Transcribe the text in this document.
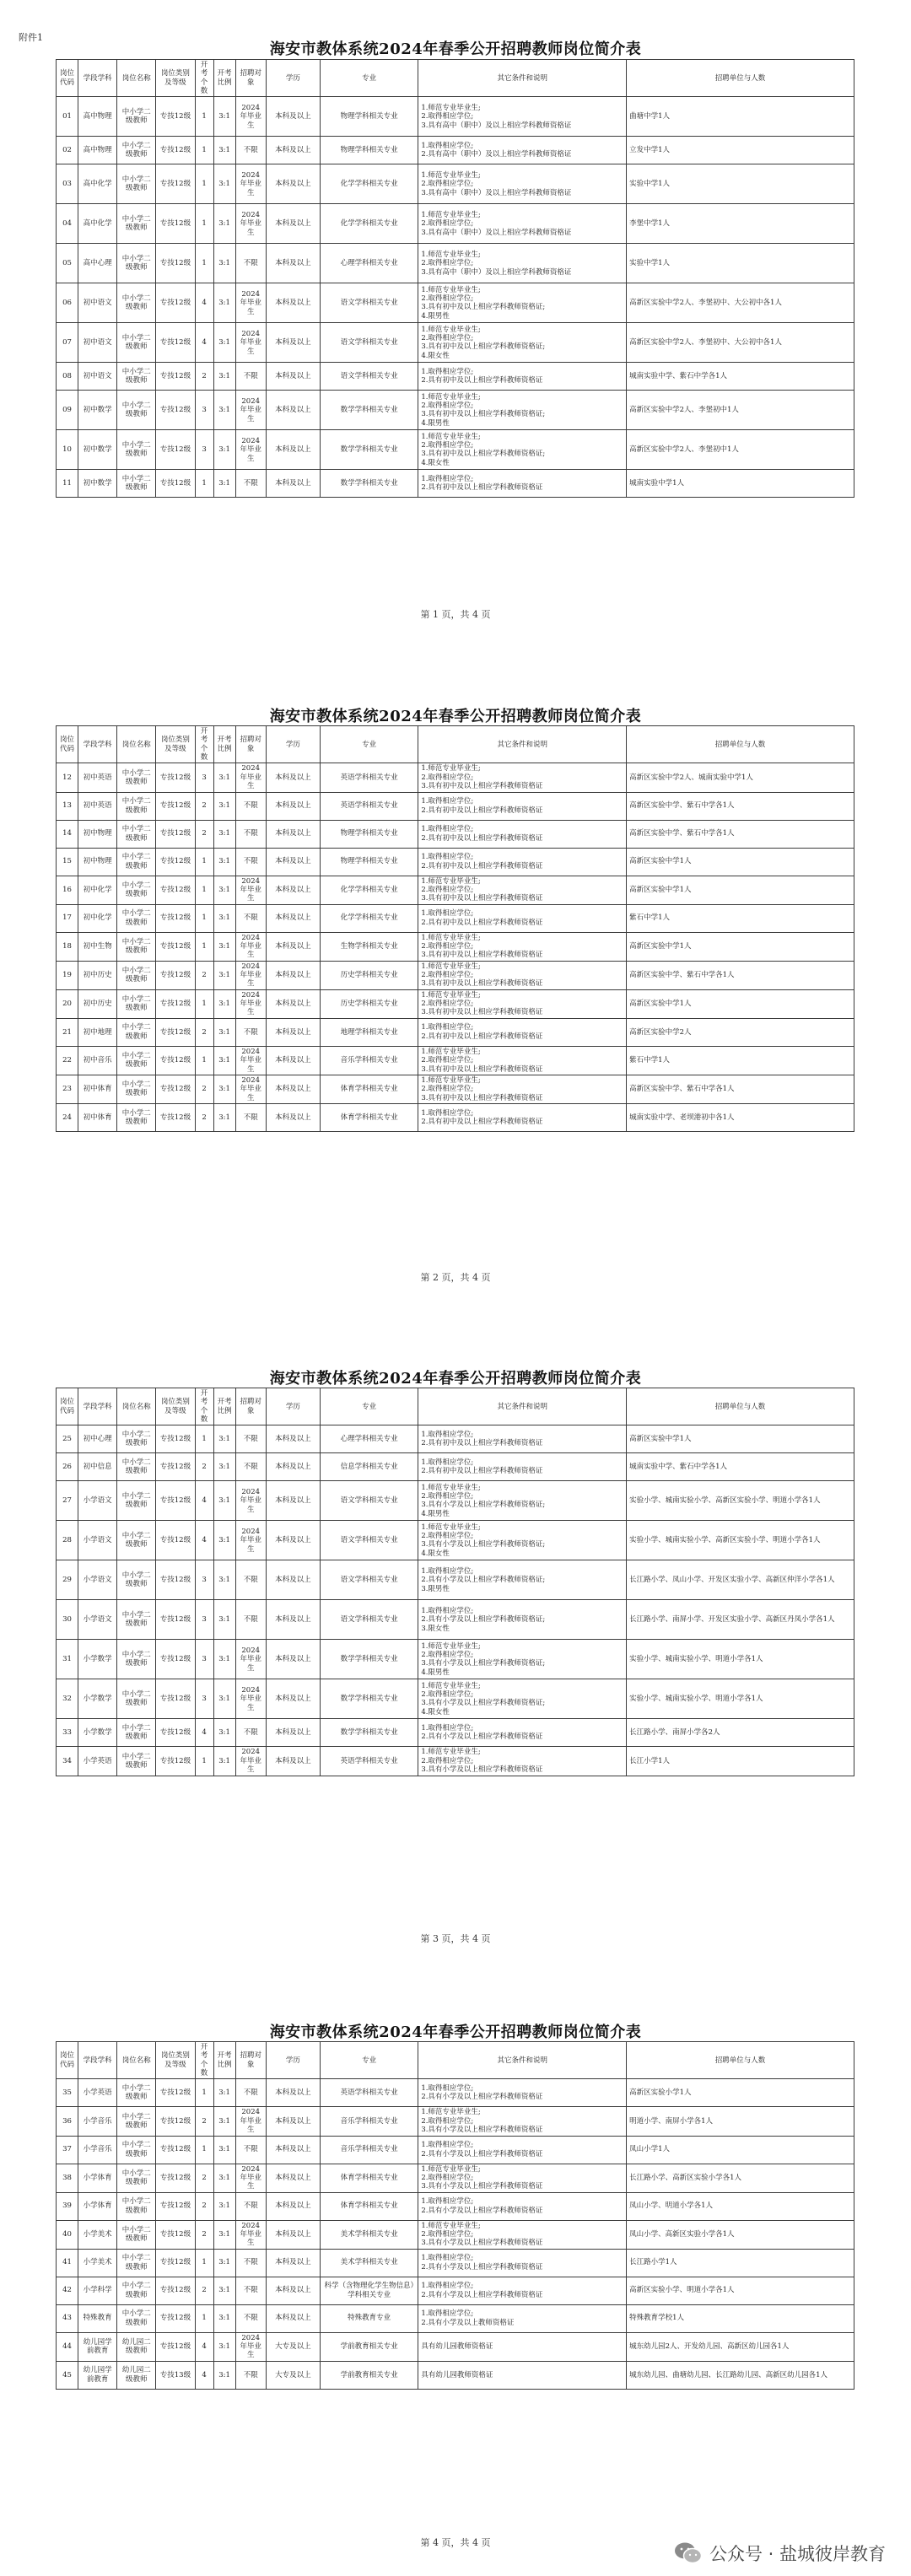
附件1
海安市教体系统2024年春季公开招聘教师岗位简介表
岗位代码	学段学科	岗位名称	岗位类别及等级	开考个数	开考比例	招聘对象	学历	专业	其它条件和说明	招聘单位与人数
01	高中物理	中小学二级教师	专技12级	1	3:1	2024年毕业生	本科及以上	物理学科相关专业	1.师范专业毕业生;
2.取得相应学位;
3.具有高中（职中）及以上相应学科教师资格证	曲塘中学1人
02	高中物理	中小学二级教师	专技12级	1	3:1	不限	本科及以上	物理学科相关专业	1.取得相应学位;
2.具有高中（职中）及以上相应学科教师资格证	立发中学1人
03	高中化学	中小学二级教师	专技12级	1	3:1	2024年毕业生	本科及以上	化学学科相关专业	1.师范专业毕业生;
2.取得相应学位;
3.具有高中（职中）及以上相应学科教师资格证	实验中学1人
04	高中化学	中小学二级教师	专技12级	1	3:1	2024年毕业生	本科及以上	化学学科相关专业	1.师范专业毕业生;
2.取得相应学位;
3.具有高中（职中）及以上相应学科教师资格证	李堡中学1人
05	高中心理	中小学二级教师	专技12级	1	3:1	不限	本科及以上	心理学科相关专业	1.师范专业毕业生;
2.取得相应学位;
3.具有高中（职中）及以上相应学科教师资格证	实验中学1人
06	初中语文	中小学二级教师	专技12级	4	3:1	2024年毕业生	本科及以上	语文学科相关专业	1.师范专业毕业生;
2.取得相应学位;
3.具有初中及以上相应学科教师资格证;
4.限男性	高新区实验中学2人、李堡初中、大公初中各1人
07	初中语文	中小学二级教师	专技12级	4	3:1	2024年毕业生	本科及以上	语文学科相关专业	1.师范专业毕业生;
2.取得相应学位;
3.具有初中及以上相应学科教师资格证;
4.限女性	高新区实验中学2人、李堡初中、大公初中各1人
08	初中语文	中小学二级教师	专技12级	2	3:1	不限	本科及以上	语文学科相关专业	1.取得相应学位;
2.具有初中及以上相应学科教师资格证	城南实验中学、紫石中学各1人
09	初中数学	中小学二级教师	专技12级	3	3:1	2024年毕业生	本科及以上	数学学科相关专业	1.师范专业毕业生;
2.取得相应学位;
3.具有初中及以上相应学科教师资格证;
4.限男性	高新区实验中学2人、李堡初中1人
10	初中数学	中小学二级教师	专技12级	3	3:1	2024年毕业生	本科及以上	数学学科相关专业	1.师范专业毕业生;
2.取得相应学位;
3.具有初中及以上相应学科教师资格证;
4.限女性	高新区实验中学2人、李堡初中1人
11	初中数学	中小学二级教师	专技12级	1	3:1	不限	本科及以上	数学学科相关专业	1.取得相应学位;
2.具有初中及以上相应学科教师资格证	城南实验中学1人
第 1 页，共 4 页
海安市教体系统2024年春季公开招聘教师岗位简介表
岗位代码	学段学科	岗位名称	岗位类别及等级	开考个数	开考比例	招聘对象	学历	专业	其它条件和说明	招聘单位与人数
12	初中英语	中小学二级教师	专技12级	3	3:1	2024年毕业生	本科及以上	英语学科相关专业	1.师范专业毕业生;
2.取得相应学位;
3.具有初中及以上相应学科教师资格证	高新区实验中学2人、城南实验中学1人
13	初中英语	中小学二级教师	专技12级	2	3:1	不限	本科及以上	英语学科相关专业	1.取得相应学位;
2.具有初中及以上相应学科教师资格证	高新区实验中学、紫石中学各1人
14	初中物理	中小学二级教师	专技12级	2	3:1	不限	本科及以上	物理学科相关专业	1.取得相应学位;
2.具有初中及以上相应学科教师资格证	高新区实验中学、紫石中学各1人
15	初中物理	中小学二级教师	专技12级	1	3:1	不限	本科及以上	物理学科相关专业	1.取得相应学位;
2.具有初中及以上相应学科教师资格证	高新区实验中学1人
16	初中化学	中小学二级教师	专技12级	1	3:1	2024年毕业生	本科及以上	化学学科相关专业	1.师范专业毕业生;
2.取得相应学位;
3.具有初中及以上相应学科教师资格证	高新区实验中学1人
17	初中化学	中小学二级教师	专技12级	1	3:1	不限	本科及以上	化学学科相关专业	1.取得相应学位;
2.具有初中及以上相应学科教师资格证	紫石中学1人
18	初中生物	中小学二级教师	专技12级	1	3:1	2024年毕业生	本科及以上	生物学科相关专业	1.师范专业毕业生;
2.取得相应学位;
3.具有初中及以上相应学科教师资格证	高新区实验中学1人
19	初中历史	中小学二级教师	专技12级	2	3:1	2024年毕业生	本科及以上	历史学科相关专业	1.师范专业毕业生;
2.取得相应学位;
3.具有初中及以上相应学科教师资格证	高新区实验中学、紫石中学各1人
20	初中历史	中小学二级教师	专技12级	1	3:1	2024年毕业生	本科及以上	历史学科相关专业	1.师范专业毕业生;
2.取得相应学位;
3.具有初中及以上相应学科教师资格证	高新区实验中学1人
21	初中地理	中小学二级教师	专技12级	2	3:1	不限	本科及以上	地理学科相关专业	1.取得相应学位;
2.具有初中及以上相应学科教师资格证	高新区实验中学2人
22	初中音乐	中小学二级教师	专技12级	1	3:1	2024年毕业生	本科及以上	音乐学科相关专业	1.师范专业毕业生;
2.取得相应学位;
3.具有初中及以上相应学科教师资格证	紫石中学1人
23	初中体育	中小学二级教师	专技12级	2	3:1	2024年毕业生	本科及以上	体育学科相关专业	1.师范专业毕业生;
2.取得相应学位;
3.具有初中及以上相应学科教师资格证	高新区实验中学、紫石中学各1人
24	初中体育	中小学二级教师	专技12级	2	3:1	不限	本科及以上	体育学科相关专业	1.取得相应学位;
2.具有初中及以上相应学科教师资格证	城南实验中学、老坝港初中各1人
第 2 页，共 4 页
海安市教体系统2024年春季公开招聘教师岗位简介表
岗位代码	学段学科	岗位名称	岗位类别及等级	开考个数	开考比例	招聘对象	学历	专业	其它条件和说明	招聘单位与人数
25	初中心理	中小学二级教师	专技12级	1	3:1	不限	本科及以上	心理学科相关专业	1.取得相应学位;
2.具有初中及以上相应学科教师资格证	高新区实验中学1人
26	初中信息	中小学二级教师	专技12级	2	3:1	不限	本科及以上	信息学科相关专业	1.取得相应学位;
2.具有初中及以上相应学科教师资格证	城南实验中学、紫石中学各1人
27	小学语文	中小学二级教师	专技12级	4	3:1	2024年毕业生	本科及以上	语文学科相关专业	1.师范专业毕业生;
2.取得相应学位;
3.具有小学及以上相应学科教师资格证;
4.限男性	实验小学、城南实验小学、高新区实验小学、明道小学各1人
28	小学语文	中小学二级教师	专技12级	4	3:1	2024年毕业生	本科及以上	语文学科相关专业	1.师范专业毕业生;
2.取得相应学位;
3.具有小学及以上相应学科教师资格证;
4.限女性	实验小学、城南实验小学、高新区实验小学、明道小学各1人
29	小学语文	中小学二级教师	专技12级	3	3:1	不限	本科及以上	语文学科相关专业	1.取得相应学位;
2.具有小学及以上相应学科教师资格证;
3.限男性	长江路小学、凤山小学、开发区实验小学、高新区仲洋小学各1人
30	小学语文	中小学二级教师	专技12级	3	3:1	不限	本科及以上	语文学科相关专业	1.取得相应学位;
2.具有小学及以上相应学科教师资格证;
3.限女性	长江路小学、南屏小学、开发区实验小学、高新区丹凤小学各1人
31	小学数学	中小学二级教师	专技12级	3	3:1	2024年毕业生	本科及以上	数学学科相关专业	1.师范专业毕业生;
2.取得相应学位;
3.具有小学及以上相应学科教师资格证;
4.限男性	实验小学、城南实验小学、明道小学各1人
32	小学数学	中小学二级教师	专技12级	3	3:1	2024年毕业生	本科及以上	数学学科相关专业	1.师范专业毕业生;
2.取得相应学位;
3.具有小学及以上相应学科教师资格证;
4.限女性	实验小学、城南实验小学、明道小学各1人
33	小学数学	中小学二级教师	专技12级	4	3:1	不限	本科及以上	数学学科相关专业	1.取得相应学位;
2.具有小学及以上相应学科教师资格证	长江路小学、南屏小学各2人
34	小学英语	中小学二级教师	专技12级	1	3:1	2024年毕业生	本科及以上	英语学科相关专业	1.师范专业毕业生;
2.取得相应学位;
3.具有小学及以上相应学科教师资格证	长江小学1人
第 3 页，共 4 页
海安市教体系统2024年春季公开招聘教师岗位简介表
岗位代码	学段学科	岗位名称	岗位类别及等级	开考个数	开考比例	招聘对象	学历	专业	其它条件和说明	招聘单位与人数
35	小学英语	中小学二级教师	专技12级	1	3:1	不限	本科及以上	英语学科相关专业	1.取得相应学位;
2.具有小学及以上相应学科教师资格证	高新区实验小学1人
36	小学音乐	中小学二级教师	专技12级	2	3:1	2024年毕业生	本科及以上	音乐学科相关专业	1.师范专业毕业生;
2.取得相应学位;
3.具有小学及以上相应学科教师资格证	明道小学、南屏小学各1人
37	小学音乐	中小学二级教师	专技12级	1	3:1	不限	本科及以上	音乐学科相关专业	1.取得相应学位;
2.具有小学及以上相应学科教师资格证	凤山小学1人
38	小学体育	中小学二级教师	专技12级	2	3:1	2024年毕业生	本科及以上	体育学科相关专业	1.师范专业毕业生;
2.取得相应学位;
3.具有小学及以上相应学科教师资格证	长江路小学、高新区实验小学各1人
39	小学体育	中小学二级教师	专技12级	2	3:1	不限	本科及以上	体育学科相关专业	1.取得相应学位;
2.具有小学及以上相应学科教师资格证	凤山小学、明道小学各1人
40	小学美术	中小学二级教师	专技12级	2	3:1	2024年毕业生	本科及以上	美术学科相关专业	1.师范专业毕业生;
2.取得相应学位;
3.具有小学及以上相应学科教师资格证	凤山小学、高新区实验小学各1人
41	小学美术	中小学二级教师	专技12级	1	3:1	不限	本科及以上	美术学科相关专业	1.取得相应学位;
2.具有小学及以上相应学科教师资格证	长江路小学1人
42	小学科学	中小学二级教师	专技12级	2	3:1	不限	本科及以上	科学（含物理化学生物信息）学科相关专业	1.取得相应学位;
2.具有小学及以上相应学科教师资格证	高新区实验小学、明道小学各1人
43	特殊教育	中小学二级教师	专技12级	1	3:1	不限	本科及以上	特殊教育专业	1.取得相应学位;
2.具有小学及以上教师资格证	特殊教育学校1人
44	幼儿园学前教育	幼儿园二级教师	专技12级	4	3:1	2024年毕业生	大专及以上	学前教育相关专业	具有幼儿园教师资格证	城东幼儿园2人、开发幼儿园、高新区幼儿园各1人
45	幼儿园学前教育	幼儿园二级教师	专技13级	4	3:1	不限	大专及以上	学前教育相关专业	具有幼儿园教师资格证	城东幼儿园、曲塘幼儿园、长江路幼儿园、高新区幼儿园各1人
第 4 页，共 4 页
公众号 · 盐城彼岸教育
